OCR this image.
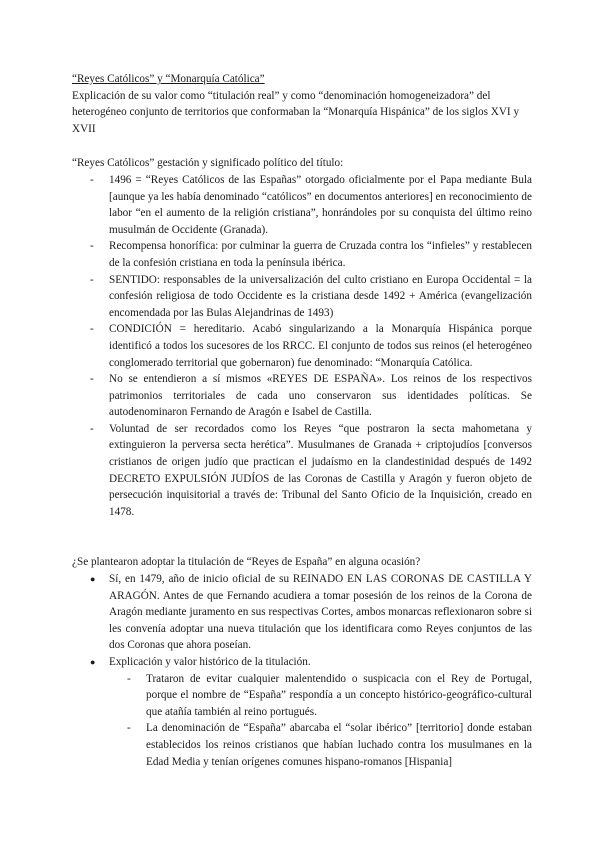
“Reyes Católicos” y “Monarquía Católica”

Explicación de su valor como “titulación real” y como “denominación homogeneizadora” del heterogéneo conjunto de territorios que conformaban la “Monarquía Hispánica” de los siglos XVI y XVII

“Reyes Católicos” gestación y significado político del título:

- 1496 = “Reyes Católicos de las Españas” otorgado oficialmente por el Papa mediante Bula [aunque ya les había denominado “católicos” en documentos anteriores] en reconocimiento de labor “en el aumento de la religión cristiana”, honrándoles por su conquista del último reino musulmán de Occidente (Granada).
- Recompensa honorífica: por culminar la guerra de Cruzada contra los “infieles” y restablecen de la confesión cristiana en toda la península ibérica.
- SENTIDO: responsables de la universalización del culto cristiano en Europa Occidental = la confesión religiosa de todo Occidente es la cristiana desde 1492 + América (evangelización encomendada por las Bulas Alejandrinas de 1493)
- CONDICIÓN = hereditario. Acabó singularizando a la Monarquía Hispánica porque identificó a todos los sucesores de los RRCC. El conjunto de todos sus reinos (el heterogéneo conglomerado territorial que gobernaron) fue denominado: “Monarquía Católica.
- No se entendieron a sí mismos «REYES DE ESPAÑA». Los reinos de los respectivos patrimonios territoriales de cada uno conservaron sus identidades políticas. Se autodenominaron Fernando de Aragón e Isabel de Castilla.
- Voluntad de ser recordados como los Reyes “que postraron la secta mahometana y extinguieron la perversa secta herética”. Musulmanes de Granada + criptojudíos [conversos cristianos de origen judío que practican el judaísmo en la clandestinidad después de 1492 DECRETO EXPULSIÓN JUDÍOS de las Coronas de Castilla y Aragón y fueron objeto de persecución inquisitorial a través de: Tribunal del Santo Oficio de la Inquisición, creado en 1478.

¿Se plantearon adoptar la titulación de “Reyes de España” en alguna ocasión?

● Sí, en 1479, año de inicio oficial de su REINADO EN LAS CORONAS DE CASTILLA Y ARAGÓN. Antes de que Fernando acudiera a tomar posesión de los reinos de la Corona de Aragón mediante juramento en sus respectivas Cortes, ambos monarcas reflexionaron sobre si les convenía adoptar una nueva titulación que los identificara como Reyes conjuntos de las dos Coronas que ahora poseían.
● Explicación y valor histórico de la titulación.
- Trataron de evitar cualquier malentendido o suspicacia con el Rey de Portugal, porque el nombre de “España” respondía a un concepto histórico-geográfico-cultural que atañía también al reino portugués.
- La denominación de “España” abarcaba el “solar ibérico” [territorio] donde estaban establecidos los reinos cristianos que habían luchado contra los musulmanes en la Edad Media y tenían orígenes comunes hispano-romanos [Hispania]
